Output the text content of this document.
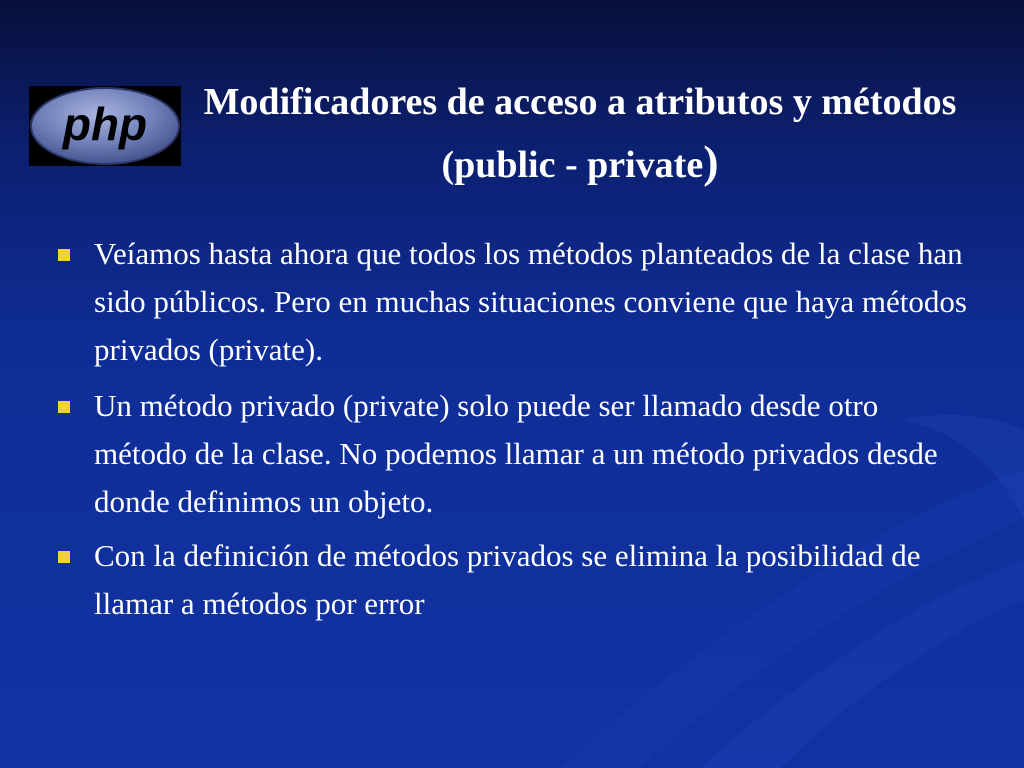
php	Modificadores de acceso a atributos y métodos (public - private)
Veíamos hasta ahora que todos los métodos planteados de la clase han sido públicos. Pero en muchas situaciones conviene que haya métodos privados (private).
Un método privado (private) solo puede ser llamado desde otro método de la clase. No podemos llamar a un método privados desde donde definimos un objeto.
Con la definición de métodos privados se elimina la posibilidad de llamar a métodos por error
